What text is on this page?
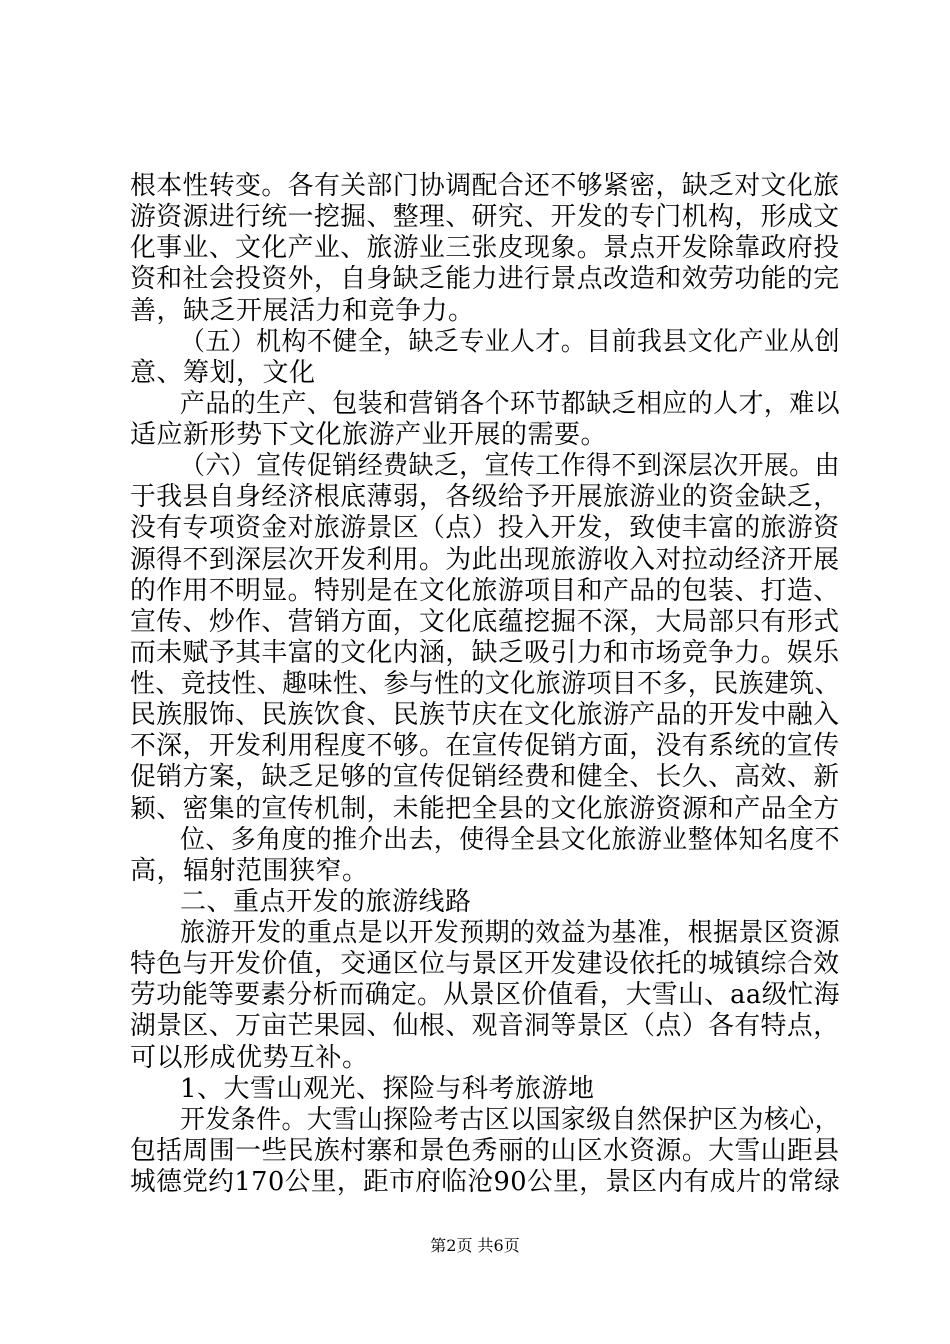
根本性转变。各有关部门协调配合还不够紧密，缺乏对文化旅
游资源进行统一挖掘、整理、研究、开发的专门机构，形成文
化事业、文化产业、旅游业三张皮现象。景点开发除靠政府投
资和社会投资外，自身缺乏能力进行景点改造和效劳功能的完
善，缺乏开展活力和竞争力。
（五）机构不健全，缺乏专业人才。目前我县文化产业从创
意、筹划，文化
产品的生产、包装和营销各个环节都缺乏相应的人才，难以
适应新形势下文化旅游产业开展的需要。
（六）宣传促销经费缺乏，宣传工作得不到深层次开展。由
于我县自身经济根底薄弱，各级给予开展旅游业的资金缺乏，
没有专项资金对旅游景区（点）投入开发，致使丰富的旅游资
源得不到深层次开发利用。为此出现旅游收入对拉动经济开展
的作用不明显。特别是在文化旅游项目和产品的包装、打造、
宣传、炒作、营销方面，文化底蕴挖掘不深，大局部只有形式
而未赋予其丰富的文化内涵，缺乏吸引力和市场竞争力。娱乐
性、竞技性、趣味性、参与性的文化旅游项目不多，民族建筑、
民族服饰、民族饮食、民族节庆在文化旅游产品的开发中融入
不深，开发利用程度不够。在宣传促销方面，没有系统的宣传
促销方案，缺乏足够的宣传促销经费和健全、长久、高效、新
颖、密集的宣传机制，未能把全县的文化旅游资源和产品全方
位、多角度的推介出去，使得全县文化旅游业整体知名度不
高，辐射范围狭窄。
二、重点开发的旅游线路
旅游开发的重点是以开发预期的效益为基准，根据景区资源
特色与开发价值，交通区位与景区开发建设依托的城镇综合效
劳功能等要素分析而确定。从景区价值看，大雪山、aa级忙海
湖景区、万亩芒果园、仙根、观音洞等景区（点）各有特点，
可以形成优势互补。
1、大雪山观光、探险与科考旅游地
开发条件。大雪山探险考古区以国家级自然保护区为核心，
包括周围一些民族村寨和景色秀丽的山区水资源。大雪山距县
城德党约170公里，距市府临沧90公里，景区内有成片的常绿
第2页 共6页
